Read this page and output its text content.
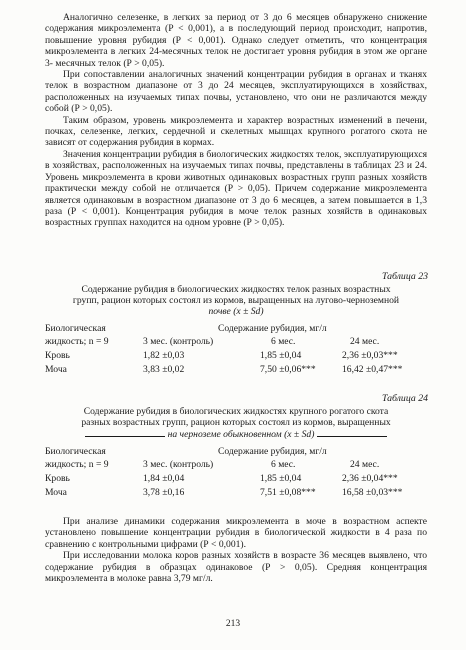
Аналогично селезенке, в легких за период от 3 до 6 месяцев обнаружено снижение содержания микроэлемента (Р < 0,001), а в последующий период происходит, напротив, повышение уровня рубидия (Р < 0,001). Однако следует отметить, что концентрация микроэлемента в легких 24-месячных телок не достигает уровня рубидия в этом же органе 3- месячных телок (Р > 0,05).

При сопоставлении аналогичных значений концентрации рубидия в органах и тканях телок в возрастном диапазоне от 3 до 24 месяцев, эксплуатирующихся в хозяйствах, расположенных на изучаемых типах почвы, установлено, что они не различаются между собой (Р > 0,05).

Таким образом, уровень микроэлемента и характер возрастных изменений в печени, почках, селезенке, легких, сердечной и скелетных мышцах крупного рогатого скота не зависят от содержания рубидия в кормах.

Значения концентрации рубидия в биологических жидкостях телок, эксплуатирующихся в хозяйствах, расположенных на изучаемых типах почвы, представлены в таблицах 23 и 24. Уровень микроэлемента в крови животных одинаковых возрастных групп разных хозяйств практически между собой не отличается (Р > 0,05). Причем содержание микроэлемента является одинаковым в возрастном диапазоне от 3 до 6 месяцев, а затем повышается в 1,3 раза (Р < 0,001). Концентрация рубидия в моче телок разных хозяйств в одинаковых возрастных группах находится на одном уровне (Р > 0,05).

Таблица 23
Содержание рубидия в биологических жидкостях телок разных возрастных
групп, рацион которых состоял из кормов, выращенных на лугово-черноземной
почве (x ± Sd)
Биологическая	Содержание рубидия, мг/л
жидкость; n = 9	3 мес. (контроль)	6 мес.	24 мес.
Кровь	1,82 ±0,03	1,85 ±0,04	2,36 ±0,03***
Моча	3,83 ±0,02	7,50 ±0,06***	16,42 ±0,47***
Таблица 24
Содержание рубидия в биологических жидкостях крупного рогатого скота
разных возрастных групп, рацион которых состоял из кормов, выращенных
на черноземе обыкновенном (x ± Sd)
Биологическая	Содержание рубидия, мг/л
жидкость; n = 9	3 мес. (контроль)	6 мес.	24 мес.
Кровь	1,84 ±0,04	1,85 ±0,04	2,36 ±0,04***
Моча	3,78 ±0,16	7,51 ±0,08***	16,58 ±0,03***

При анализе динамики содержания микроэлемента в моче в возрастном аспекте установлено повышение концентрации рубидия в биологической жидкости в 4 раза по сравнению с контрольными цифрами (Р < 0,001).

При исследовании молока коров разных хозяйств в возрасте 36 месяцев выявлено, что содержание рубидия в образцах одинаковое (Р > 0,05). Средняя концентрация микроэлемента в молоке равна 3,79 мг/л.

213
